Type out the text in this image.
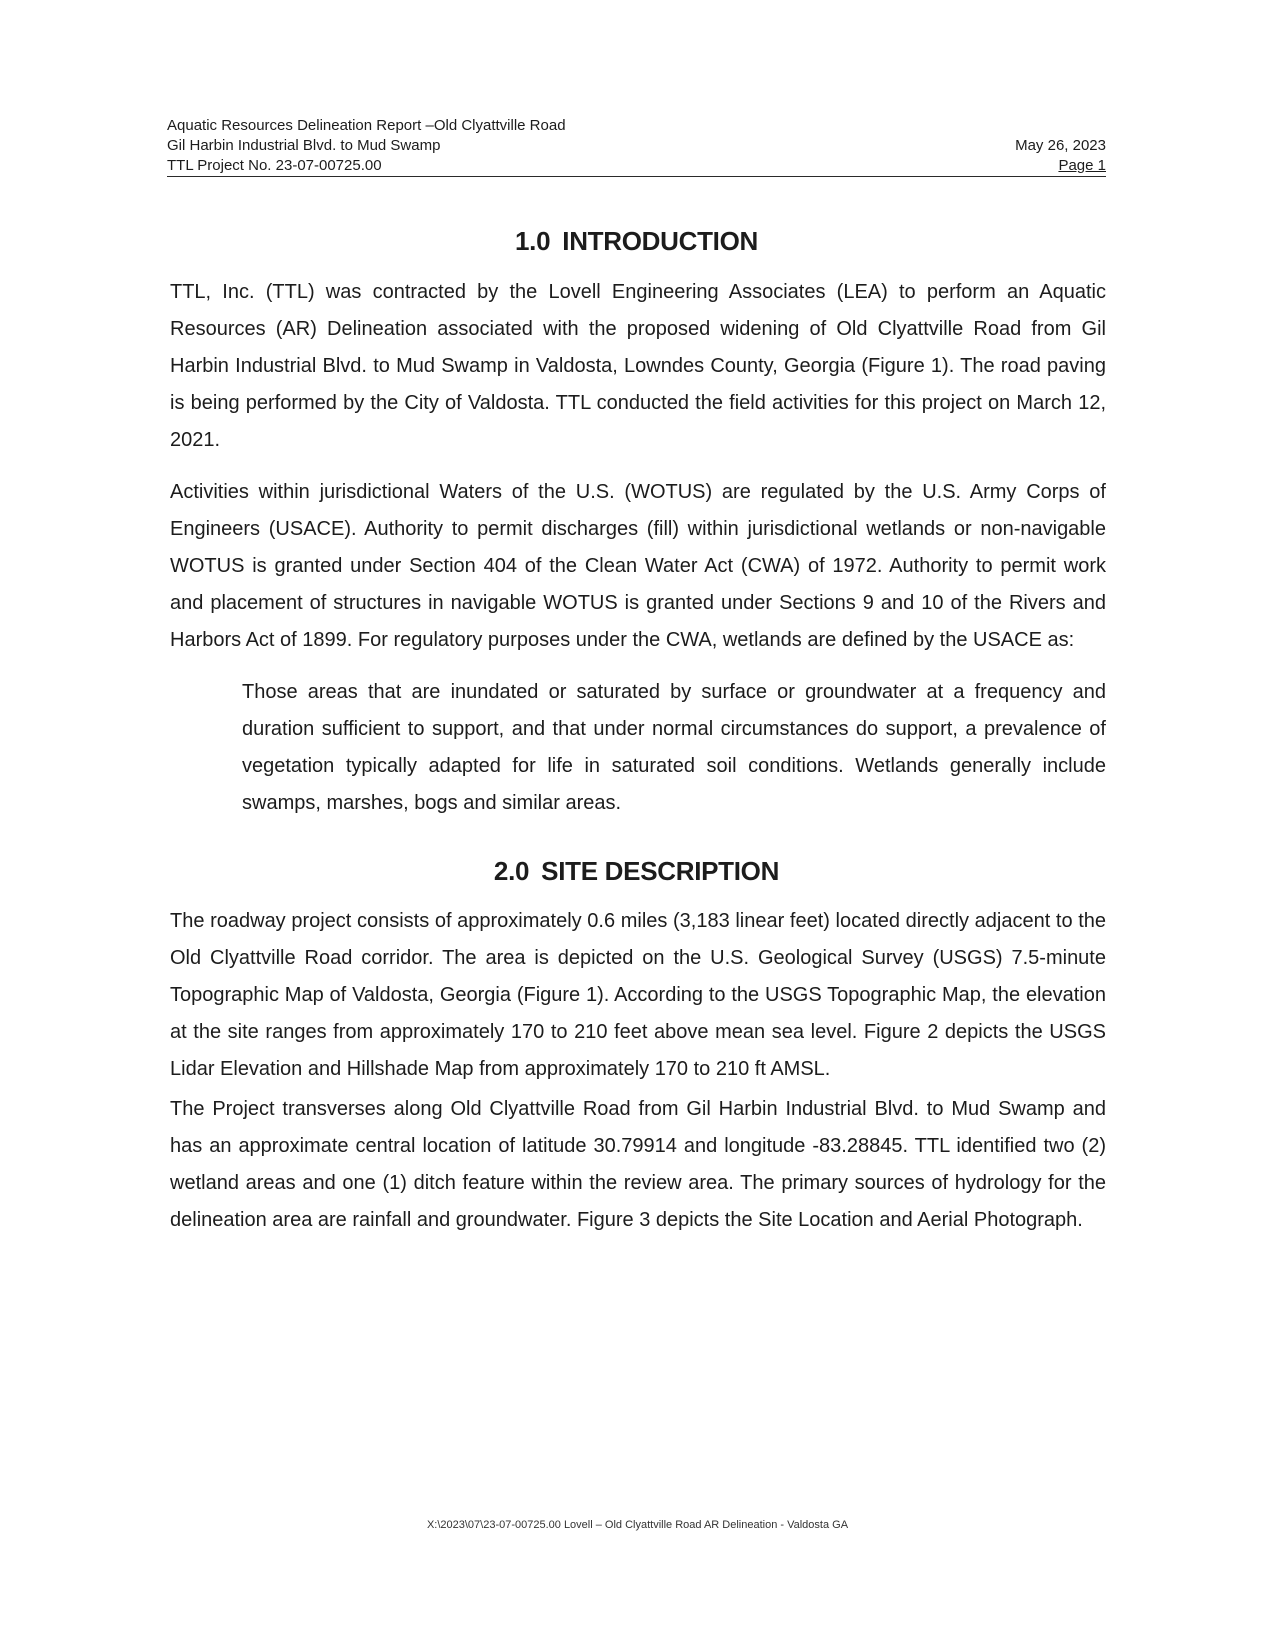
Aquatic Resources Delineation Report –Old Clyattville Road
Gil Harbin Industrial Blvd. to Mud Swamp
TTL Project No. 23-07-00725.00
May 26, 2023
Page 1
1.0 INTRODUCTION

TTL, Inc. (TTL) was contracted by the Lovell Engineering Associates (LEA) to perform an Aquatic Resources (AR) Delineation associated with the proposed widening of Old Clyattville Road from Gil Harbin Industrial Blvd. to Mud Swamp in Valdosta, Lowndes County, Georgia (Figure 1). The road paving is being performed by the City of Valdosta. TTL conducted the field activities for this project on March 12, 2021.

Activities within jurisdictional Waters of the U.S. (WOTUS) are regulated by the U.S. Army Corps of Engineers (USACE). Authority to permit discharges (fill) within jurisdictional wetlands or non-navigable WOTUS is granted under Section 404 of the Clean Water Act (CWA) of 1972. Authority to permit work and placement of structures in navigable WOTUS is granted under Sections 9 and 10 of the Rivers and Harbors Act of 1899. For regulatory purposes under the CWA, wetlands are defined by the USACE as:

Those areas that are inundated or saturated by surface or groundwater at a frequency and duration sufficient to support, and that under normal circumstances do support, a prevalence of vegetation typically adapted for life in saturated soil conditions. Wetlands generally include swamps, marshes, bogs and similar areas.

2.0 SITE DESCRIPTION

The roadway project consists of approximately 0.6 miles (3,183 linear feet) located directly adjacent to the Old Clyattville Road corridor. The area is depicted on the U.S. Geological Survey (USGS) 7.5-minute Topographic Map of Valdosta, Georgia (Figure 1). According to the USGS Topographic Map, the elevation at the site ranges from approximately 170 to 210 feet above mean sea level. Figure 2 depicts the USGS Lidar Elevation and Hillshade Map from approximately 170 to 210 ft AMSL.

The Project transverses along Old Clyattville Road from Gil Harbin Industrial Blvd. to Mud Swamp and has an approximate central location of latitude 30.79914 and longitude -83.28845. TTL identified two (2) wetland areas and one (1) ditch feature within the review area. The primary sources of hydrology for the delineation area are rainfall and groundwater. Figure 3 depicts the Site Location and Aerial Photograph.

X:\2023\07\23-07-00725.00 Lovell – Old Clyattville Road AR Delineation - Valdosta GA
